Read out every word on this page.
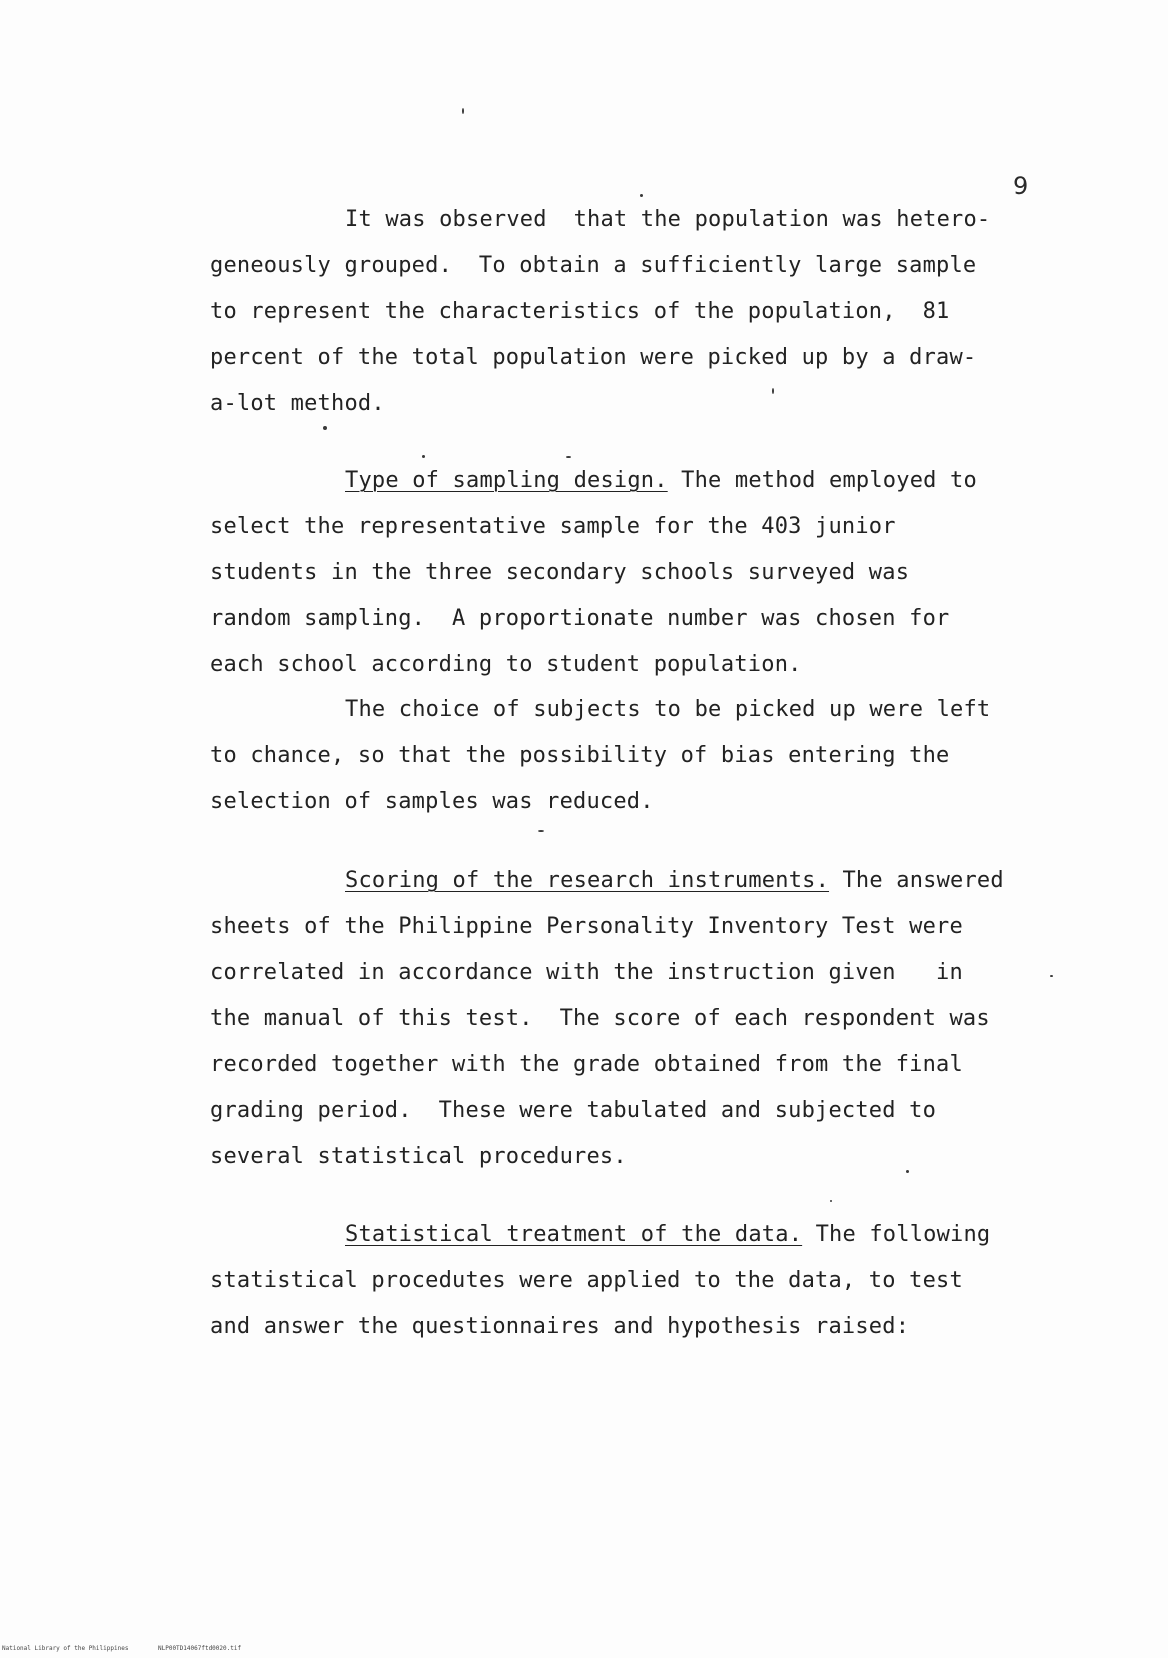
9
It was observed  that the population was hetero-
geneously grouped.  To obtain a sufficiently large sample
to represent the characteristics of the population,  81
percent of the total population were picked up by a draw-
a-lot method.
Type of sampling design. The method employed to
select the representative sample for the 403 junior
students in the three secondary schools surveyed was
random sampling.  A proportionate number was chosen for
each school according to student population.
The choice of subjects to be picked up were left
to chance, so that the possibility of bias entering the
selection of samples was reduced.
Scoring of the research instruments. The answered
sheets of the Philippine Personality Inventory Test were
correlated in accordance with the instruction given   in
the manual of this test.  The score of each respondent was
recorded together with the grade obtained from the final
grading period.  These were tabulated and subjected to
several statistical procedures.
Statistical treatment of the data. The following
statistical procedutes were applied to the data, to test
and answer the questionnaires and hypothesis raised:
National Library of the Philippines	NLP00TD14067ftd0020.tif
